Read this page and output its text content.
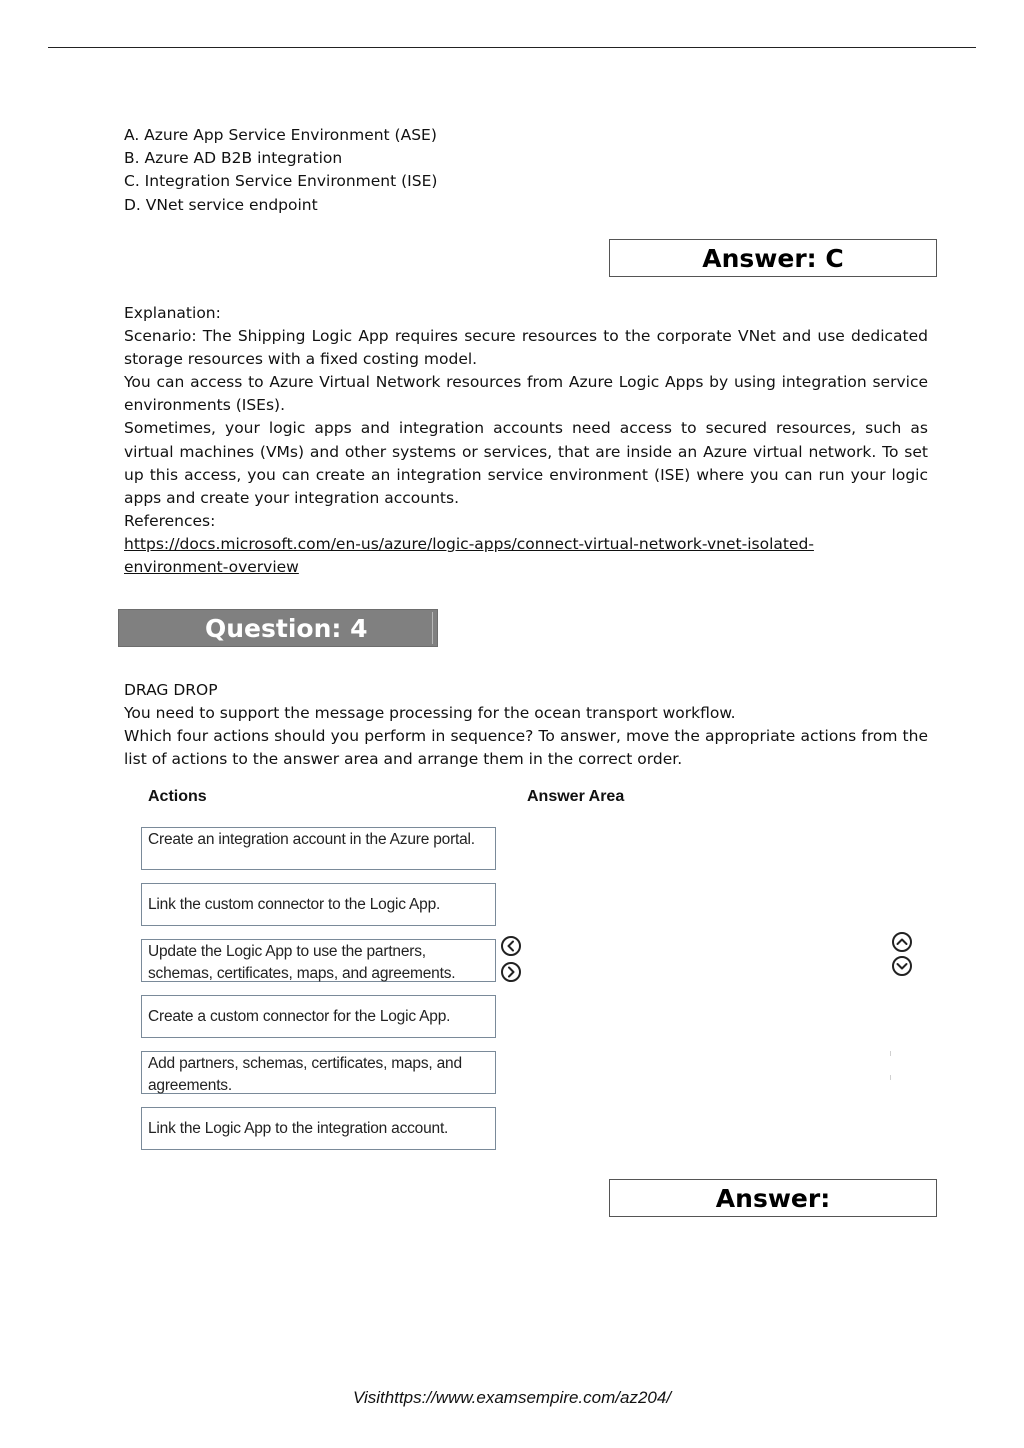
A. Azure App Service Environment (ASE)
B. Azure AD B2B integration
C. Integration Service Environment (ISE)
D. VNet service endpoint
Answer: C

Explanation:

Scenario: The Shipping Logic App requires secure resources to the corporate VNet and use dedicated storage resources with a fixed costing model.

You can access to Azure Virtual Network resources from Azure Logic Apps by using integration service environments (ISEs).

Sometimes, your logic apps and integration accounts need access to secured resources, such as virtual machines (VMs) and other systems or services, that are inside an Azure virtual network. To set up this access, you can create an integration service environment (ISE) where you can run your logic apps and create your integration accounts.

References:

https://docs.microsoft.com/en-us/azure/logic-apps/connect-virtual-network-vnet-isolated-
environment-overview

Question: 4

DRAG DROP

You need to support the message processing for the ocean transport workflow.

Which four actions should you perform in sequence? To answer, move the appropriate actions from the list of actions to the answer area and arrange them in the correct order.

Actions	Answer Area
Create an integration account in the Azure portal.
Link the custom connector to the Logic App.
Update the Logic App to use the partners, schemas, certificates, maps, and agreements.
Create a custom connector for the Logic App.
Add partners, schemas, certificates, maps, and agreements.
Link the Logic App to the integration account.
Answer:
Visithttps://www.examsempire.com/az204/
